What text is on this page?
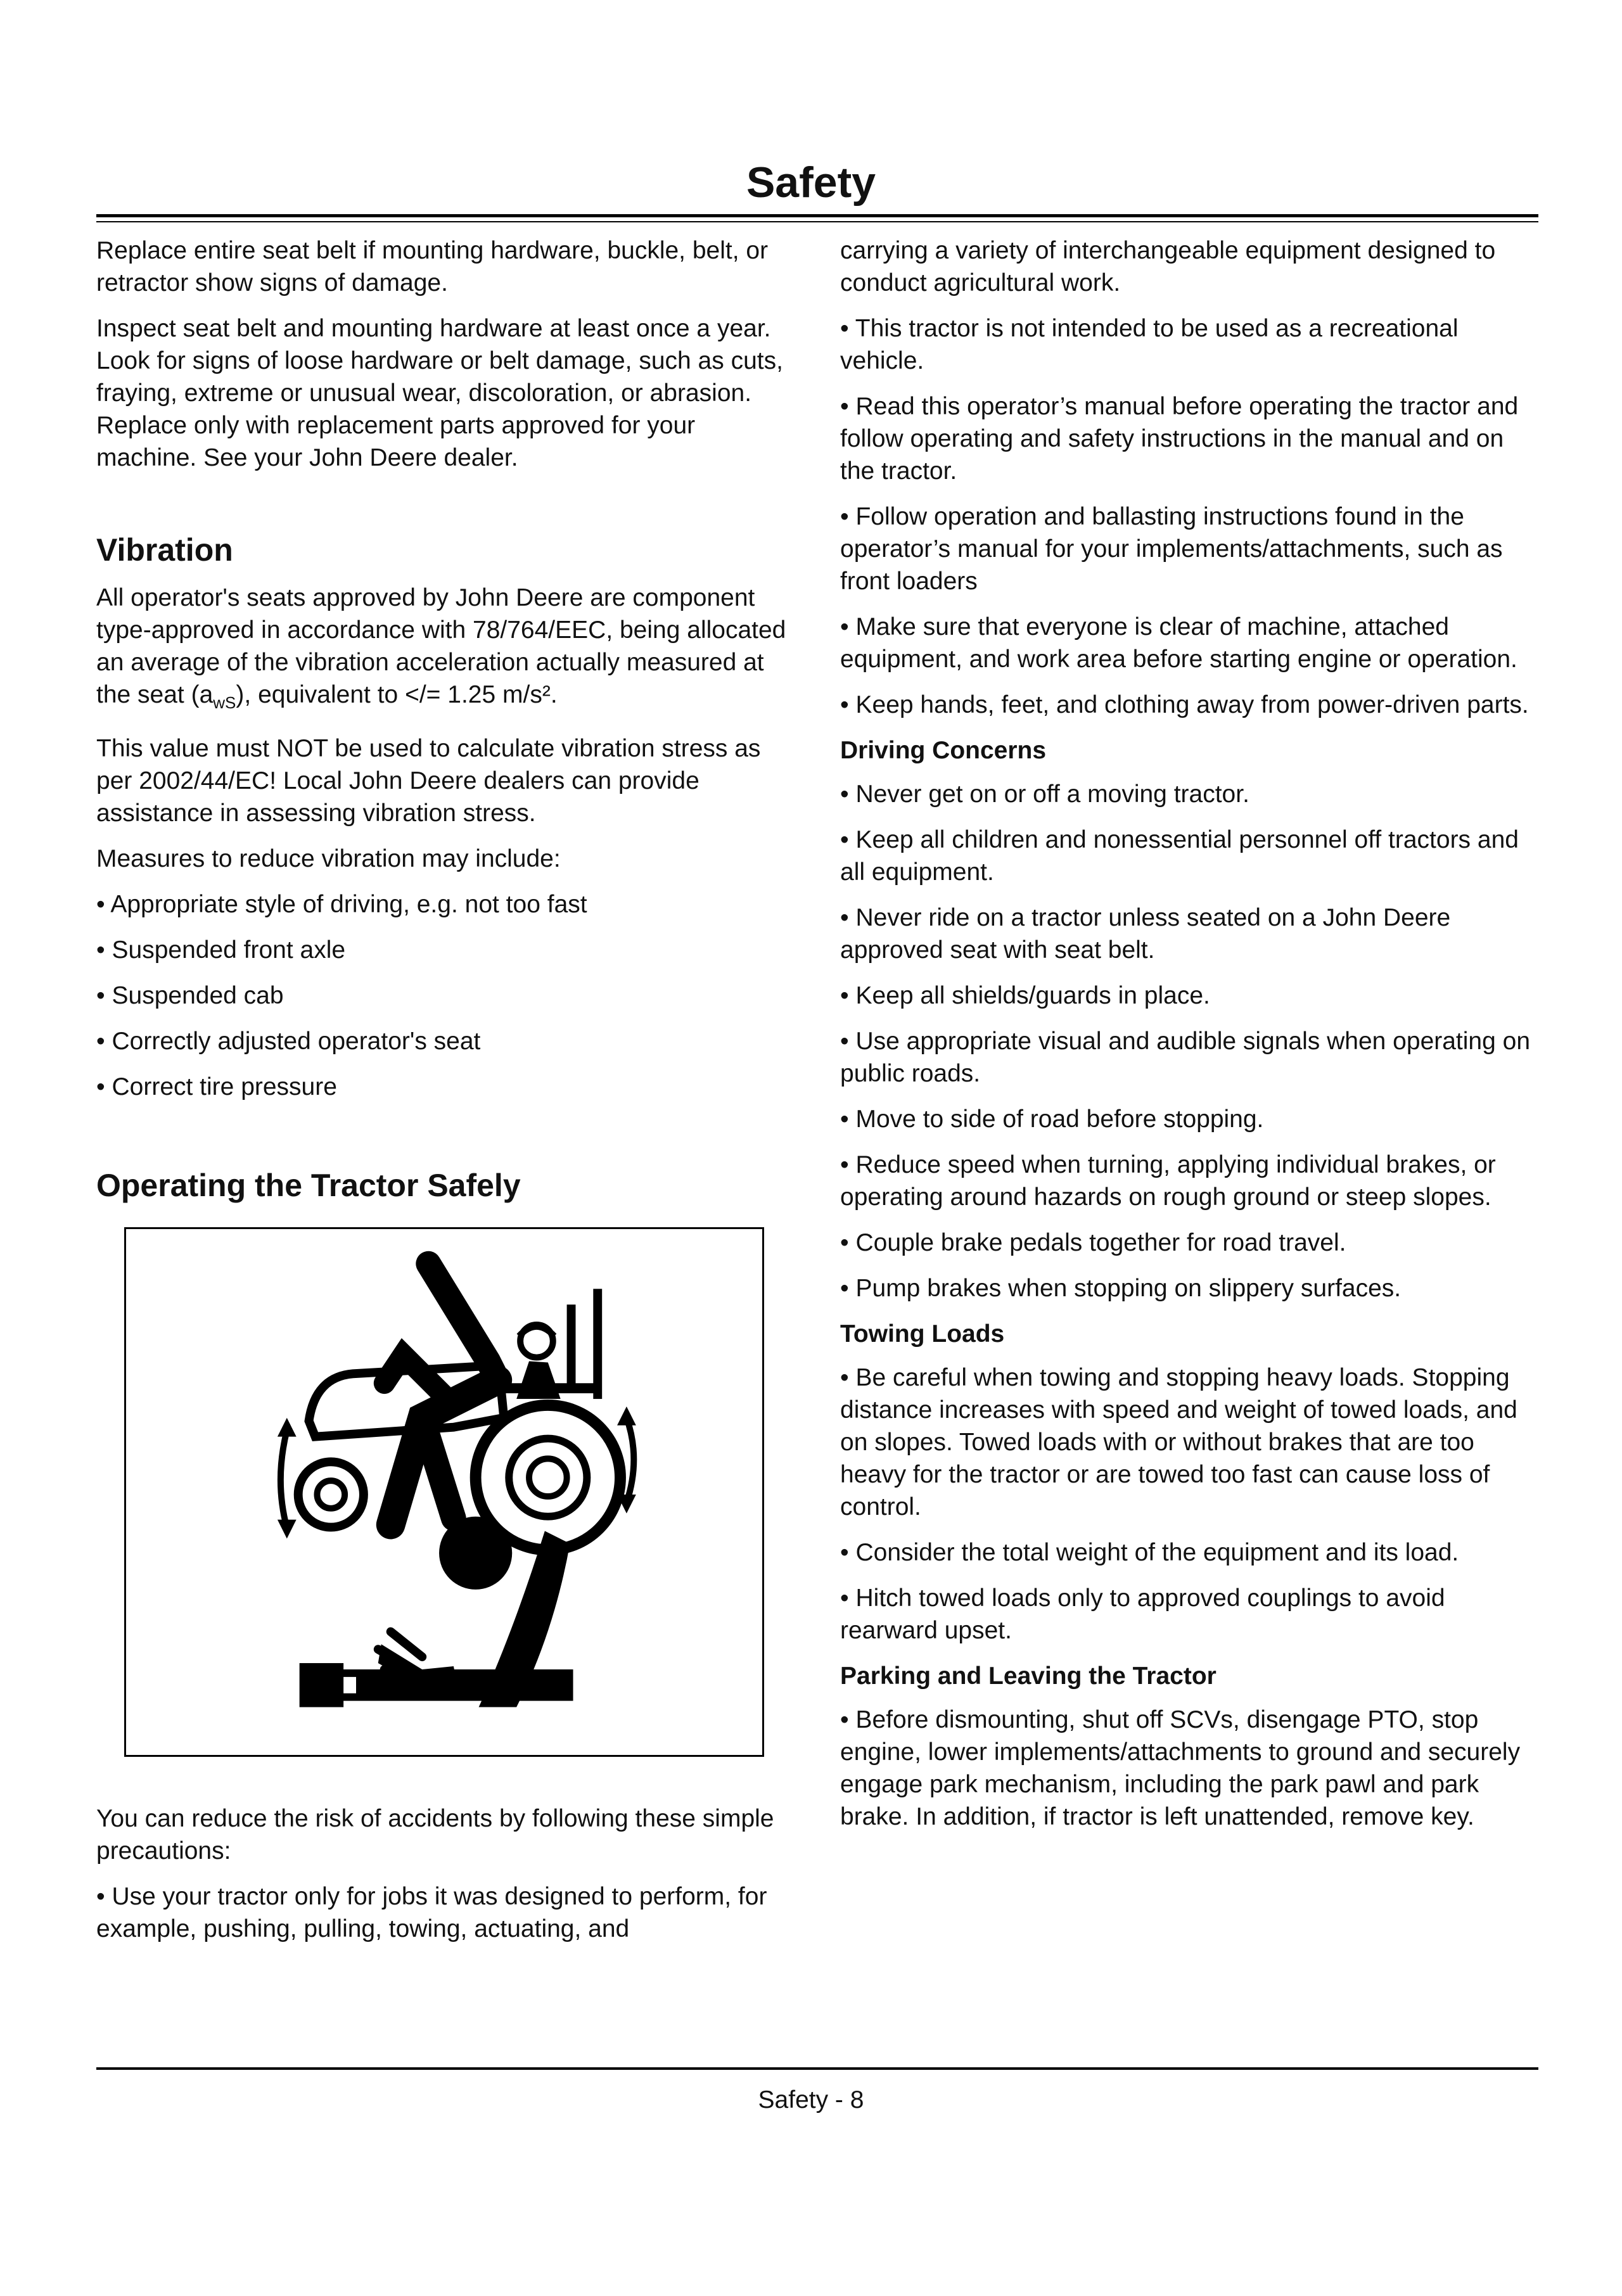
Safety

Replace entire seat belt if mounting hardware, buckle, belt, or retractor show signs of damage.

Inspect seat belt and mounting hardware at least once a year. Look for signs of loose hardware or belt damage, such as cuts, fraying, extreme or unusual wear, discoloration, or abrasion. Replace only with replacement parts approved for your machine. See your John Deere dealer.

Vibration

All operator's seats approved by John Deere are component type-approved in accordance with 78/764/EEC, being allocated an average of the vibration acceleration actually measured at the seat $(a_{wS})$, equivalent to </= 1.25 m/s².

This value must NOT be used to calculate vibration stress as per 2002/44/EC! Local John Deere dealers can provide assistance in assessing vibration stress.

Measures to reduce vibration may include:

• Appropriate style of driving, e.g. not too fast

• Suspended front axle

• Suspended cab

• Correctly adjusted operator's seat

• Correct tire pressure

Operating the Tractor Safely

You can reduce the risk of accidents by following these simple precautions:

• Use your tractor only for jobs it was designed to perform, for example, pushing, pulling, towing, actuating, and

carrying a variety of interchangeable equipment designed to conduct agricultural work.

• This tractor is not intended to be used as a recreational vehicle.

• Read this operator’s manual before operating the tractor and follow operating and safety instructions in the manual and on the tractor.

• Follow operation and ballasting instructions found in the operator’s manual for your implements/attachments, such as front loaders

• Make sure that everyone is clear of machine, attached equipment, and work area before starting engine or operation.

• Keep hands, feet, and clothing away from power-driven parts.

Driving Concerns

• Never get on or off a moving tractor.

• Keep all children and nonessential personnel off tractors and all equipment.

• Never ride on a tractor unless seated on a John Deere approved seat with seat belt.

• Keep all shields/guards in place.

• Use appropriate visual and audible signals when operating on public roads.

• Move to side of road before stopping.

• Reduce speed when turning, applying individual brakes, or operating around hazards on rough ground or steep slopes.

• Couple brake pedals together for road travel.

• Pump brakes when stopping on slippery surfaces.

Towing Loads

• Be careful when towing and stopping heavy loads. Stopping distance increases with speed and weight of towed loads, and on slopes. Towed loads with or without brakes that are too heavy for the tractor or are towed too fast can cause loss of control.

• Consider the total weight of the equipment and its load.

• Hitch towed loads only to approved couplings to avoid rearward upset.

Parking and Leaving the Tractor

• Before dismounting, shut off SCVs, disengage PTO, stop engine, lower implements/attachments to ground and securely engage park mechanism, including the park pawl and park brake. In addition, if tractor is left unattended, remove key.

Safety - 8
